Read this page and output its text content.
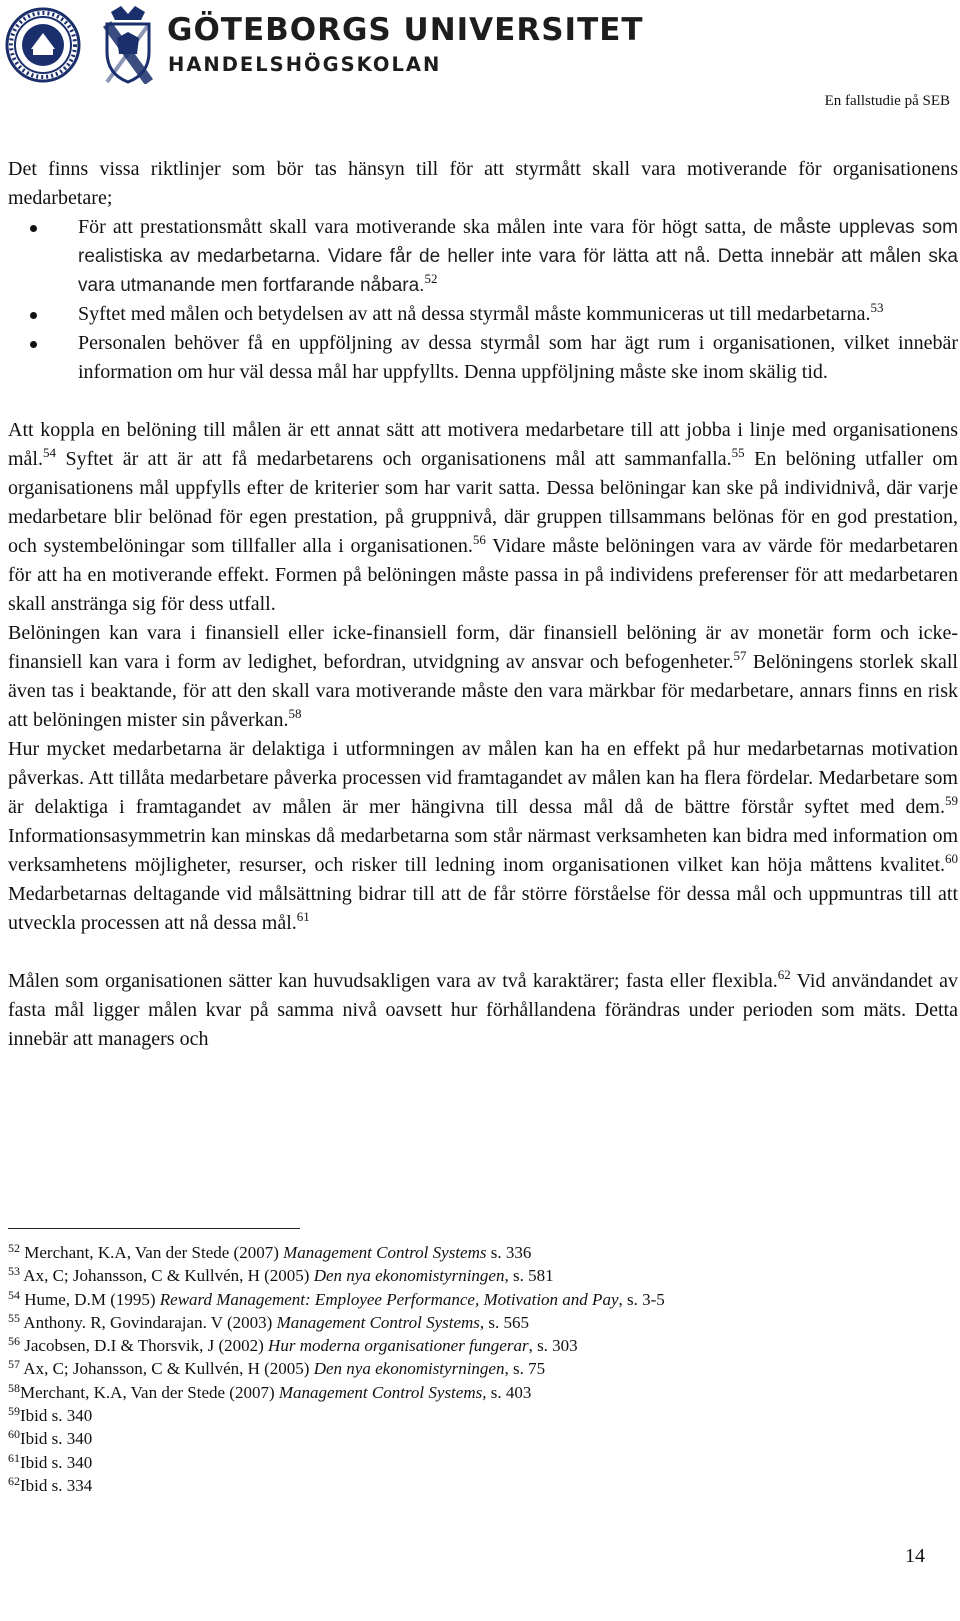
GÖTEBORGS UNIVERSITET
HANDELSHÖGSKOLAN
En fallstudie på SEB

Det finns vissa riktlinjer som bör tas hänsyn till för att styrmått skall vara motiverande för organisationens medarbetare;

För att prestationsmått skall vara motiverande ska målen inte vara för högt satta, de måste upplevas som realistiska av medarbetarna. Vidare får de heller inte vara för lätta att nå. Detta innebär att målen ska vara utmanande men fortfarande nåbara.$^{52}$
Syftet med målen och betydelsen av att nå dessa styrmål måste kommuniceras ut till medarbetarna.$^{53}$
Personalen behöver få en uppföljning av dessa styrmål som har ägt rum i organisationen, vilket innebär information om hur väl dessa mål har uppfyllts. Denna uppföljning måste ske inom skälig tid.

Att koppla en belöning till målen är ett annat sätt att motivera medarbetare till att jobba i linje med organisationens mål.$^{54}$ Syftet är att är att få medarbetarens och organisationens mål att sammanfalla.$^{55}$ En belöning utfaller om organisationens mål uppfylls efter de kriterier som har varit satta. Dessa belöningar kan ske på individnivå, där varje medarbetare blir belönad för egen prestation, på gruppnivå, där gruppen tillsammans belönas för en god prestation, och systembelöningar som tillfaller alla i organisationen.$^{56}$ Vidare måste belöningen vara av värde för medarbetaren för att ha en motiverande effekt. Formen på belöningen måste passa in på individens preferenser för att medarbetaren skall anstränga sig för dess utfall.

Belöningen kan vara i finansiell eller icke-finansiell form, där finansiell belöning är av monetär form och icke-finansiell kan vara i form av ledighet, befordran, utvidgning av ansvar och befogenheter.$^{57}$ Belöningens storlek skall även tas i beaktande, för att den skall vara motiverande måste den vara märkbar för medarbetare, annars finns en risk att belöningen mister sin påverkan.$^{58}$

Hur mycket medarbetarna är delaktiga i utformningen av målen kan ha en effekt på hur medarbetarnas motivation påverkas. Att tillåta medarbetare påverka processen vid framtagandet av målen kan ha flera fördelar. Medarbetare som är delaktiga i framtagandet av målen är mer hängivna till dessa mål då de bättre förstår syftet med dem.$^{59}$ Informationsasymmetrin kan minskas då medarbetarna som står närmast verksamheten kan bidra med information om verksamhetens möjligheter, resurser, och risker till ledning inom organisationen vilket kan höja måttens kvalitet.$^{60}$ Medarbetarnas deltagande vid målsättning bidrar till att de får större förståelse för dessa mål och uppmuntras till att utveckla processen att nå dessa mål.$^{61}$

Målen som organisationen sätter kan huvudsakligen vara av två karaktärer; fasta eller flexibla.$^{62}$ Vid användandet av fasta mål ligger målen kvar på samma nivå oavsett hur förhållandena förändras under perioden som mäts. Detta innebär att managers och

$^{52}$ Merchant, K.A, Van der Stede (2007) Management Control Systems s. 336
$^{53}$ Ax, C; Johansson, C & Kullvén, H (2005) Den nya ekonomistyrningen, s. 581
$^{54}$ Hume, D.M (1995) Reward Management: Employee Performance, Motivation and Pay, s. 3-5
$^{55}$ Anthony. R, Govindarajan. V (2003) Management Control Systems, s. 565
$^{56}$ Jacobsen, D.I & Thorsvik, J (2002) Hur moderna organisationer fungerar, s. 303
$^{57}$ Ax, C; Johansson, C & Kullvén, H (2005) Den nya ekonomistyrningen, s. 75
$^{58}$Merchant, K.A, Van der Stede (2007) Management Control Systems, s. 403
$^{59}$Ibid s. 340
$^{60}$Ibid s. 340
$^{61}$Ibid s. 340
$^{62}$Ibid s. 334
14
